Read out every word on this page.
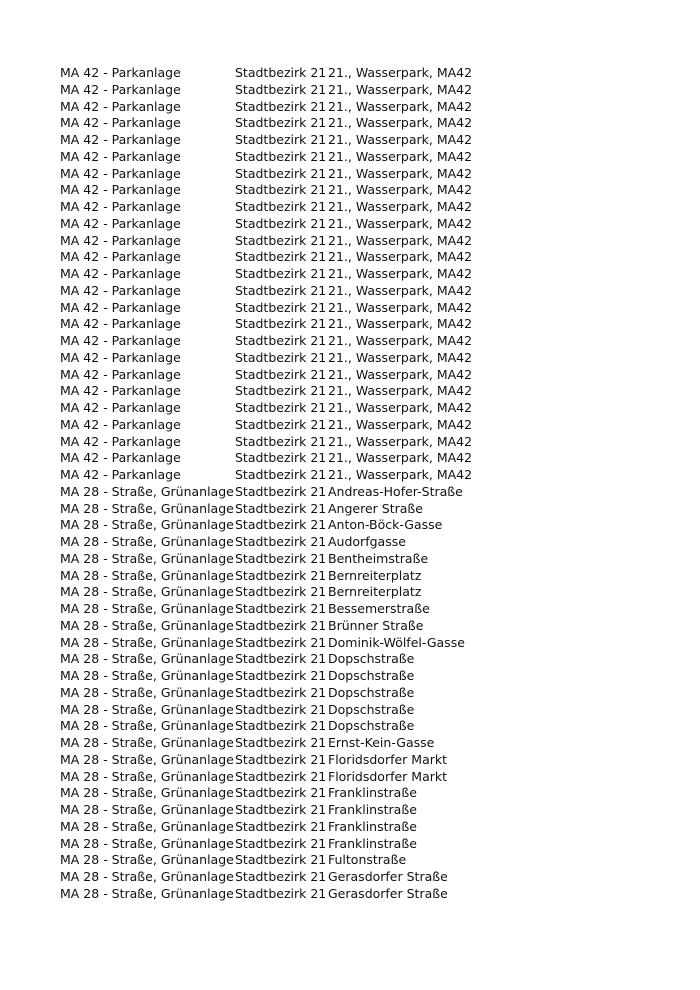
MA 42 - Parkanlage	Stadtbezirk 21 21., Wasserpark, MA42
MA 42 - Parkanlage	Stadtbezirk 21 21., Wasserpark, MA42
MA 42 - Parkanlage	Stadtbezirk 21 21., Wasserpark, MA42
MA 42 - Parkanlage	Stadtbezirk 21 21., Wasserpark, MA42
MA 42 - Parkanlage	Stadtbezirk 21 21., Wasserpark, MA42
MA 42 - Parkanlage	Stadtbezirk 21 21., Wasserpark, MA42
MA 42 - Parkanlage	Stadtbezirk 21 21., Wasserpark, MA42
MA 42 - Parkanlage	Stadtbezirk 21 21., Wasserpark, MA42
MA 42 - Parkanlage	Stadtbezirk 21 21., Wasserpark, MA42
MA 42 - Parkanlage	Stadtbezirk 21 21., Wasserpark, MA42
MA 42 - Parkanlage	Stadtbezirk 21 21., Wasserpark, MA42
MA 42 - Parkanlage	Stadtbezirk 21 21., Wasserpark, MA42
MA 42 - Parkanlage	Stadtbezirk 21 21., Wasserpark, MA42
MA 42 - Parkanlage	Stadtbezirk 21 21., Wasserpark, MA42
MA 42 - Parkanlage	Stadtbezirk 21 21., Wasserpark, MA42
MA 42 - Parkanlage	Stadtbezirk 21 21., Wasserpark, MA42
MA 42 - Parkanlage	Stadtbezirk 21 21., Wasserpark, MA42
MA 42 - Parkanlage	Stadtbezirk 21 21., Wasserpark, MA42
MA 42 - Parkanlage	Stadtbezirk 21 21., Wasserpark, MA42
MA 42 - Parkanlage	Stadtbezirk 21 21., Wasserpark, MA42
MA 42 - Parkanlage	Stadtbezirk 21 21., Wasserpark, MA42
MA 42 - Parkanlage	Stadtbezirk 21 21., Wasserpark, MA42
MA 42 - Parkanlage	Stadtbezirk 21 21., Wasserpark, MA42
MA 42 - Parkanlage	Stadtbezirk 21 21., Wasserpark, MA42
MA 42 - Parkanlage	Stadtbezirk 21 21., Wasserpark, MA42
MA 28 - Straße, Grünanlage Stadtbezirk 21 Andreas-Hofer-Straße
MA 28 - Straße, Grünanlage Stadtbezirk 21 Angerer Straße
MA 28 - Straße, Grünanlage Stadtbezirk 21 Anton-Böck-Gasse
MA 28 - Straße, Grünanlage Stadtbezirk 21 Audorfgasse
MA 28 - Straße, Grünanlage Stadtbezirk 21 Bentheimstraße
MA 28 - Straße, Grünanlage Stadtbezirk 21 Bernreiterplatz
MA 28 - Straße, Grünanlage Stadtbezirk 21 Bernreiterplatz
MA 28 - Straße, Grünanlage Stadtbezirk 21 Bessemerstraße
MA 28 - Straße, Grünanlage Stadtbezirk 21 Brünner Straße
MA 28 - Straße, Grünanlage Stadtbezirk 21 Dominik-Wölfel-Gasse
MA 28 - Straße, Grünanlage Stadtbezirk 21 Dopschstraße
MA 28 - Straße, Grünanlage Stadtbezirk 21 Dopschstraße
MA 28 - Straße, Grünanlage Stadtbezirk 21 Dopschstraße
MA 28 - Straße, Grünanlage Stadtbezirk 21 Dopschstraße
MA 28 - Straße, Grünanlage Stadtbezirk 21 Dopschstraße
MA 28 - Straße, Grünanlage Stadtbezirk 21 Ernst-Kein-Gasse
MA 28 - Straße, Grünanlage Stadtbezirk 21 Floridsdorfer Markt
MA 28 - Straße, Grünanlage Stadtbezirk 21 Floridsdorfer Markt
MA 28 - Straße, Grünanlage Stadtbezirk 21 Franklinstraße
MA 28 - Straße, Grünanlage Stadtbezirk 21 Franklinstraße
MA 28 - Straße, Grünanlage Stadtbezirk 21 Franklinstraße
MA 28 - Straße, Grünanlage Stadtbezirk 21 Franklinstraße
MA 28 - Straße, Grünanlage Stadtbezirk 21 Fultonstraße
MA 28 - Straße, Grünanlage Stadtbezirk 21 Gerasdorfer Straße
MA 28 - Straße, Grünanlage Stadtbezirk 21 Gerasdorfer Straße
